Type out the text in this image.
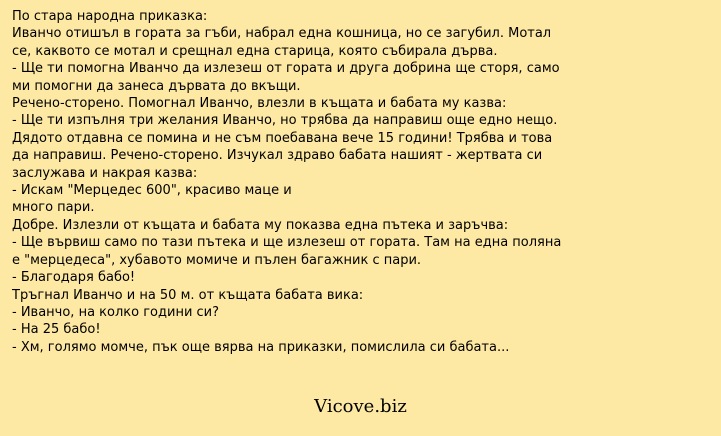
По стара народна приказка:
Иванчо отишъл в гората за гъби, набрал една кошница, но се загубил. Мотал
се, каквото се мотал и срещнал една старица, която събирала дърва.
- Ще ти помогна Иванчо да излезеш от гората и друга добрина ще сторя, само
ми помогни да занеса дървата до вкъщи.
Речено-сторено. Помогнал Иванчо, влезли в къщата и бабата му казва:
- Ще ти изпълня три желания Иванчо, но трябва да направиш още едно нещо.
Дядото отдавна се помина и не съм поебавана вече 15 години! Трябва и това
да направиш. Речено-сторено. Изчукал здраво бабата нашият - жертвата си
заслужава и накрая казва:
- Искам "Мерцедес 600", красиво маце и
много пари.
Добре. Излезли от къщата и бабата му показва една пътека и заръчва:
- Ще вървиш само по тази пътека и ще излезеш от гората. Там на една поляна
е "мерцедеса", хубавото момиче и пълен багажник с пари.
- Благодаря бабо!
Тръгнал Иванчо и на 50 м. от къщата бабата вика:
- Иванчо, на колко години си?
- На 25 бабо!
- Хм, голямо момче, пък още вярва на приказки, помислила си бабата...
Vicove.biz
